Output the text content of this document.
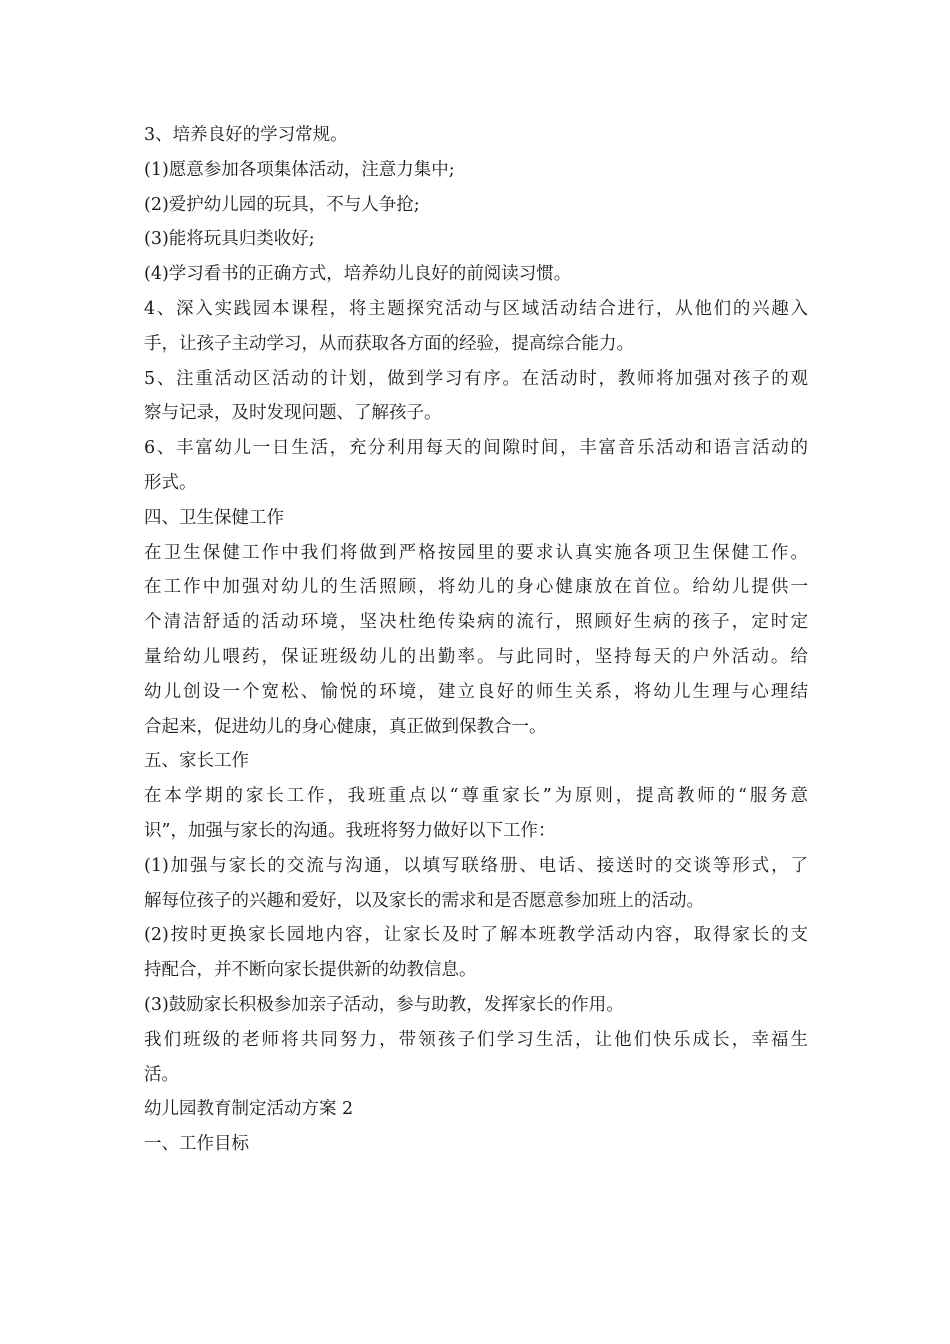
3、培养良好的学习常规。
(1)愿意参加各项集体活动，注意力集中;
(2)爱护幼儿园的玩具，不与人争抢;
(3)能将玩具归类收好;
(4)学习看书的正确方式，培养幼儿良好的前阅读习惯。
4、深入实践园本课程，将主题探究活动与区域活动结合进行，从他们的兴趣入
手，让孩子主动学习，从而获取各方面的经验，提高综合能力。
5、注重活动区活动的计划，做到学习有序。在活动时，教师将加强对孩子的观
察与记录，及时发现问题、了解孩子。
6、丰富幼儿一日生活，充分利用每天的间隙时间，丰富音乐活动和语言活动的
形式。
四、卫生保健工作
在卫生保健工作中我们将做到严格按园里的要求认真实施各项卫生保健工作。
在工作中加强对幼儿的生活照顾，将幼儿的身心健康放在首位。给幼儿提供一
个清洁舒适的活动环境，坚决杜绝传染病的流行，照顾好生病的孩子，定时定
量给幼儿喂药，保证班级幼儿的出勤率。与此同时，坚持每天的户外活动。给
幼儿创设一个宽松、愉悦的环境，建立良好的师生关系，将幼儿生理与心理结
合起来，促进幼儿的身心健康，真正做到保教合一。
五、家长工作
在本学期的家长工作，我班重点以“尊重家长”为原则，提高教师的“服务意
识”，加强与家长的沟通。我班将努力做好以下工作：
(1)加强与家长的交流与沟通，以填写联络册、电话、接送时的交谈等形式，了
解每位孩子的兴趣和爱好，以及家长的需求和是否愿意参加班上的活动。
(2)按时更换家长园地内容，让家长及时了解本班教学活动内容，取得家长的支
持配合，并不断向家长提供新的幼教信息。
(3)鼓励家长积极参加亲子活动，参与助教，发挥家长的作用。
我们班级的老师将共同努力，带领孩子们学习生活，让他们快乐成长，幸福生
活。
幼儿园教育制定活动方案 2
一、工作目标
